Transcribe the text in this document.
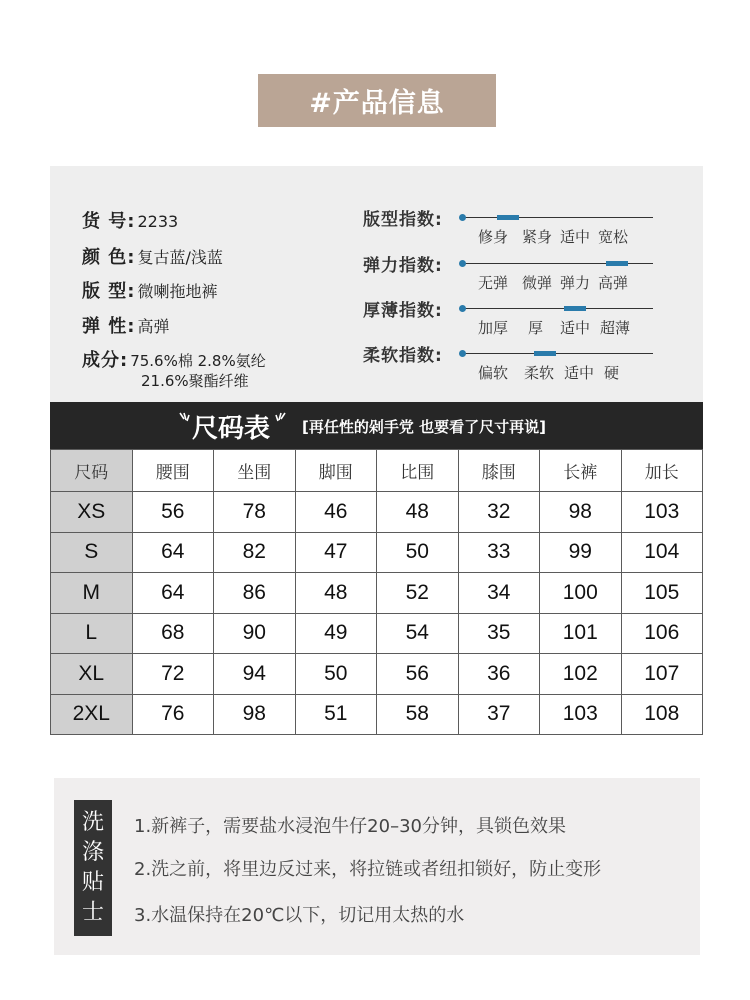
#产品信息
货 号: 2233
颜 色: 复古蓝/浅蓝
版 型: 微喇拖地裤
弹 性: 高弹
成分: 75.6%棉 2.8%氨纶
21.6%聚酯纤维
版型指数:
修身 紧身 适中 宽松
弹力指数:
无弹 微弹 弹力 高弹
厚薄指数:
加厚	厚	适中 超薄
柔软指数:
偏软	柔软 适中 硬
尺码表 [再任性的剁手党 也要看了尺寸再说]
尺码	腰围	坐围	脚围	比围	膝围	长裤	加长
XS	56	78	46	48	32	98	103
S	64	82	47	50	33	99	104
M	64	86	48	52	34	100	105
L	68	90	49	54	35	101	106
XL	72	94	50	56	36	102	107
2XL	76	98	51	58	37	103	108
洗
涤
贴
士
1.新裤子，需要盐水浸泡牛仔20–30分钟，具锁色效果
2.洗之前，将里边反过来，将拉链或者纽扣锁好，防止变形
3.水温保持在20℃以下，切记用太热的水
